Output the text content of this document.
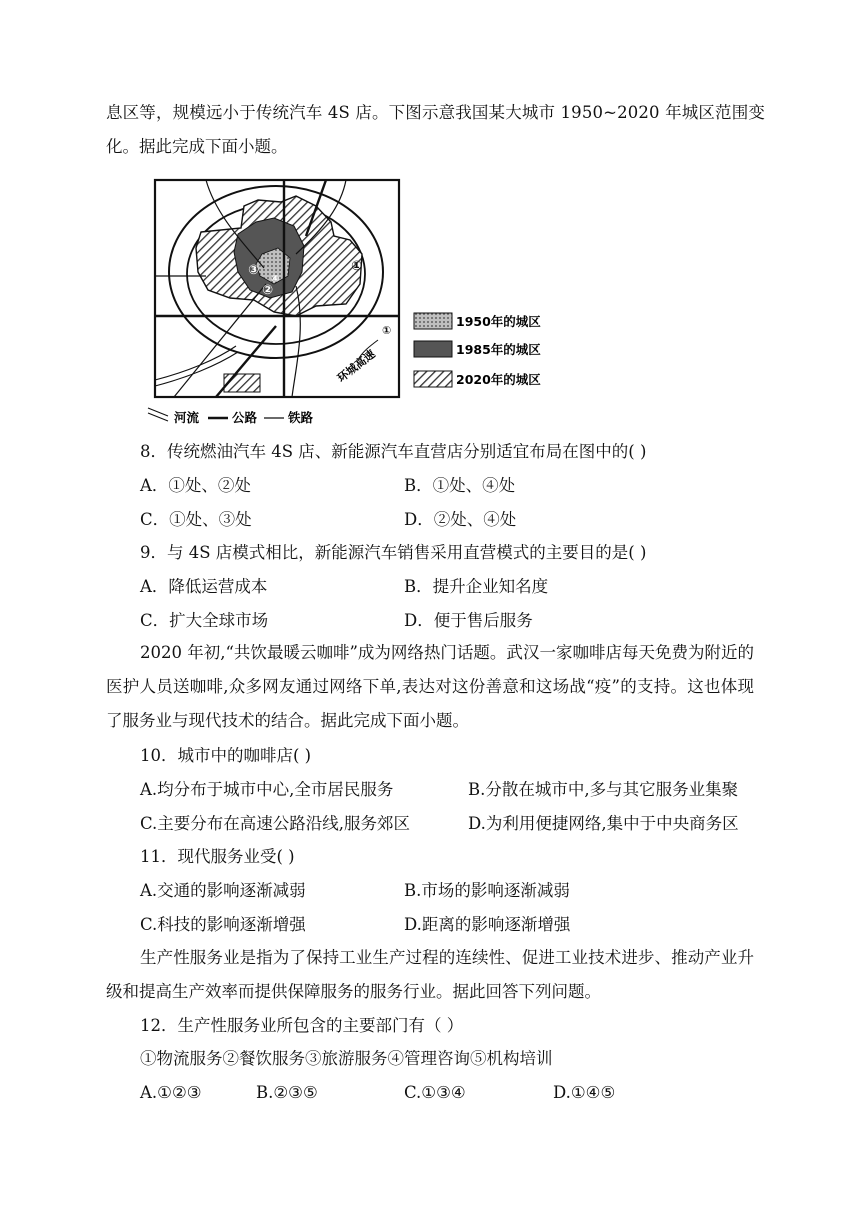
息区等，规模远小于传统汽车 4S 店。下图示意我国某大城市 1950~2020 年城区范围变
化。据此完成下面小题。
③
②
④
①
①
环城高速
1950年的城区
1985年的城区
2020年的城区
河流	公路 铁路
8．传统燃油汽车 4S 店、新能源汽车直营店分别适宜布局在图中的( )
A．①处、②处	B．①处、④处
C．①处、③处	D．②处、④处
9．与 4S 店模式相比，新能源汽车销售采用直营模式的主要目的是( )
A．降低运营成本	B．提升企业知名度
C．扩大全球市场	D．便于售后服务
2020 年初,“共饮最暖云咖啡”成为网络热门话题。武汉一家咖啡店每天免费为附近的医护人员送咖啡,众多网友通过网络下单,表达对这份善意和这场战“疫”的支持。这也体现了服务业与现代技术的结合。据此完成下面小题。
10．城市中的咖啡店( )
A.均分布于城市中心,全市居民服务	B.分散在城市中,多与其它服务业集聚
C.主要分布在高速公路沿线,服务郊区	D.为利用便捷网络,集中于中央商务区
11．现代服务业受( )
A.交通的影响逐渐减弱	B.市场的影响逐渐减弱
C.科技的影响逐渐增强	D.距离的影响逐渐增强
生产性服务业是指为了保持工业生产过程的连续性、促进工业技术进步、推动产业升级和提高生产效率而提供保障服务的服务行业。据此回答下列问题。
12．生产性服务业所包含的主要部门有（ ）
①物流服务②餐饮服务③旅游服务④管理咨询⑤机构培训
A.①②③	B.②③⑤	C.①③④	D.①④⑤
